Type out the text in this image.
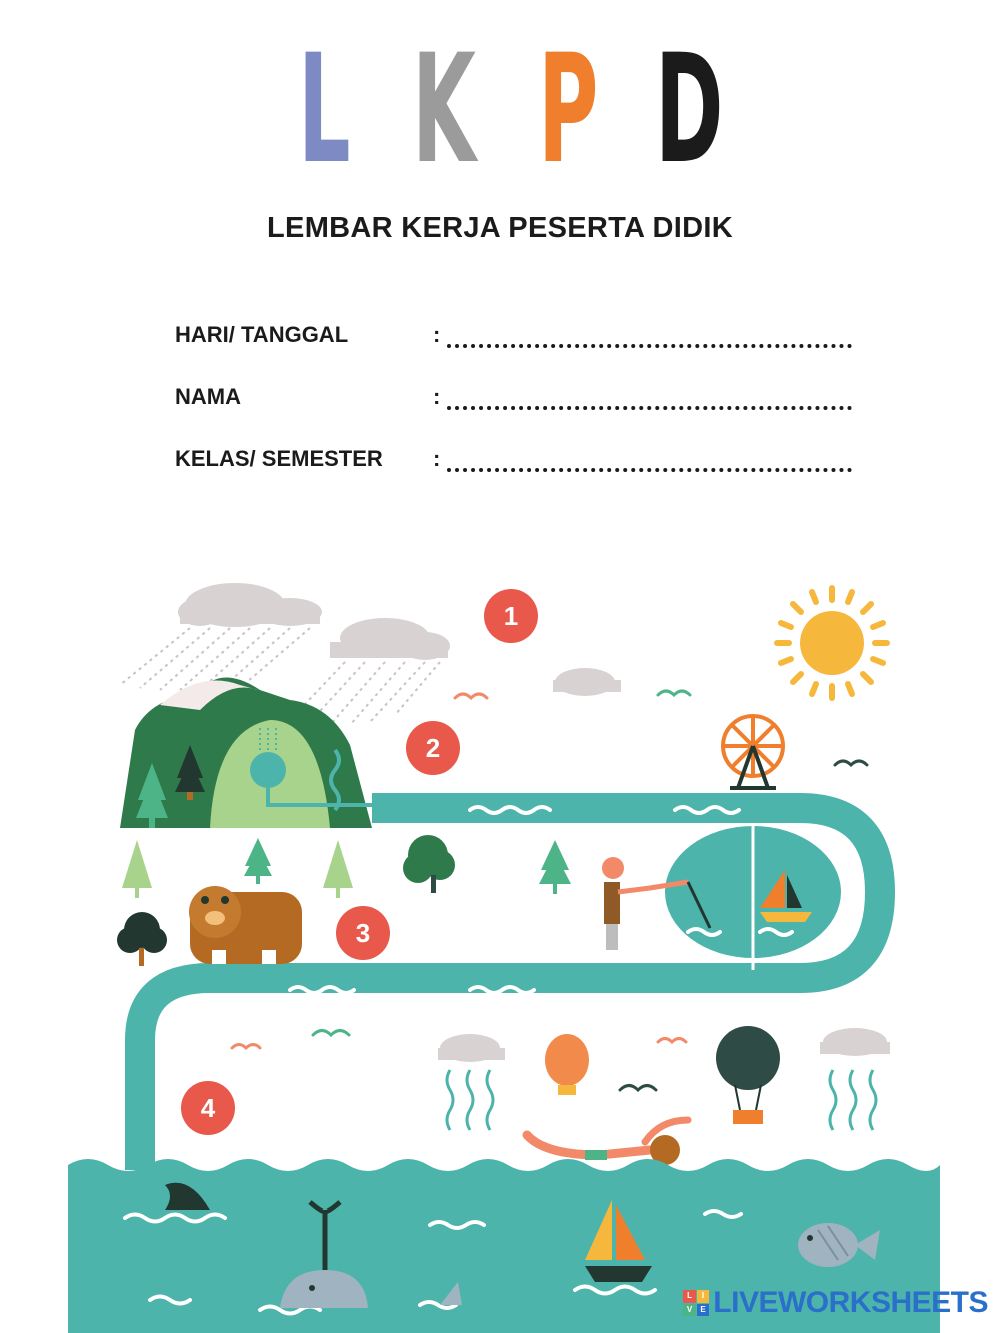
L K P D
LEMBAR KERJA PESERTA DIDIK
HARI/ TANGGAL	:
NAMA	:
KELAS/ SEMESTER :
1
2
3
4
L	I
V	E LIVEWORKSHEETS
